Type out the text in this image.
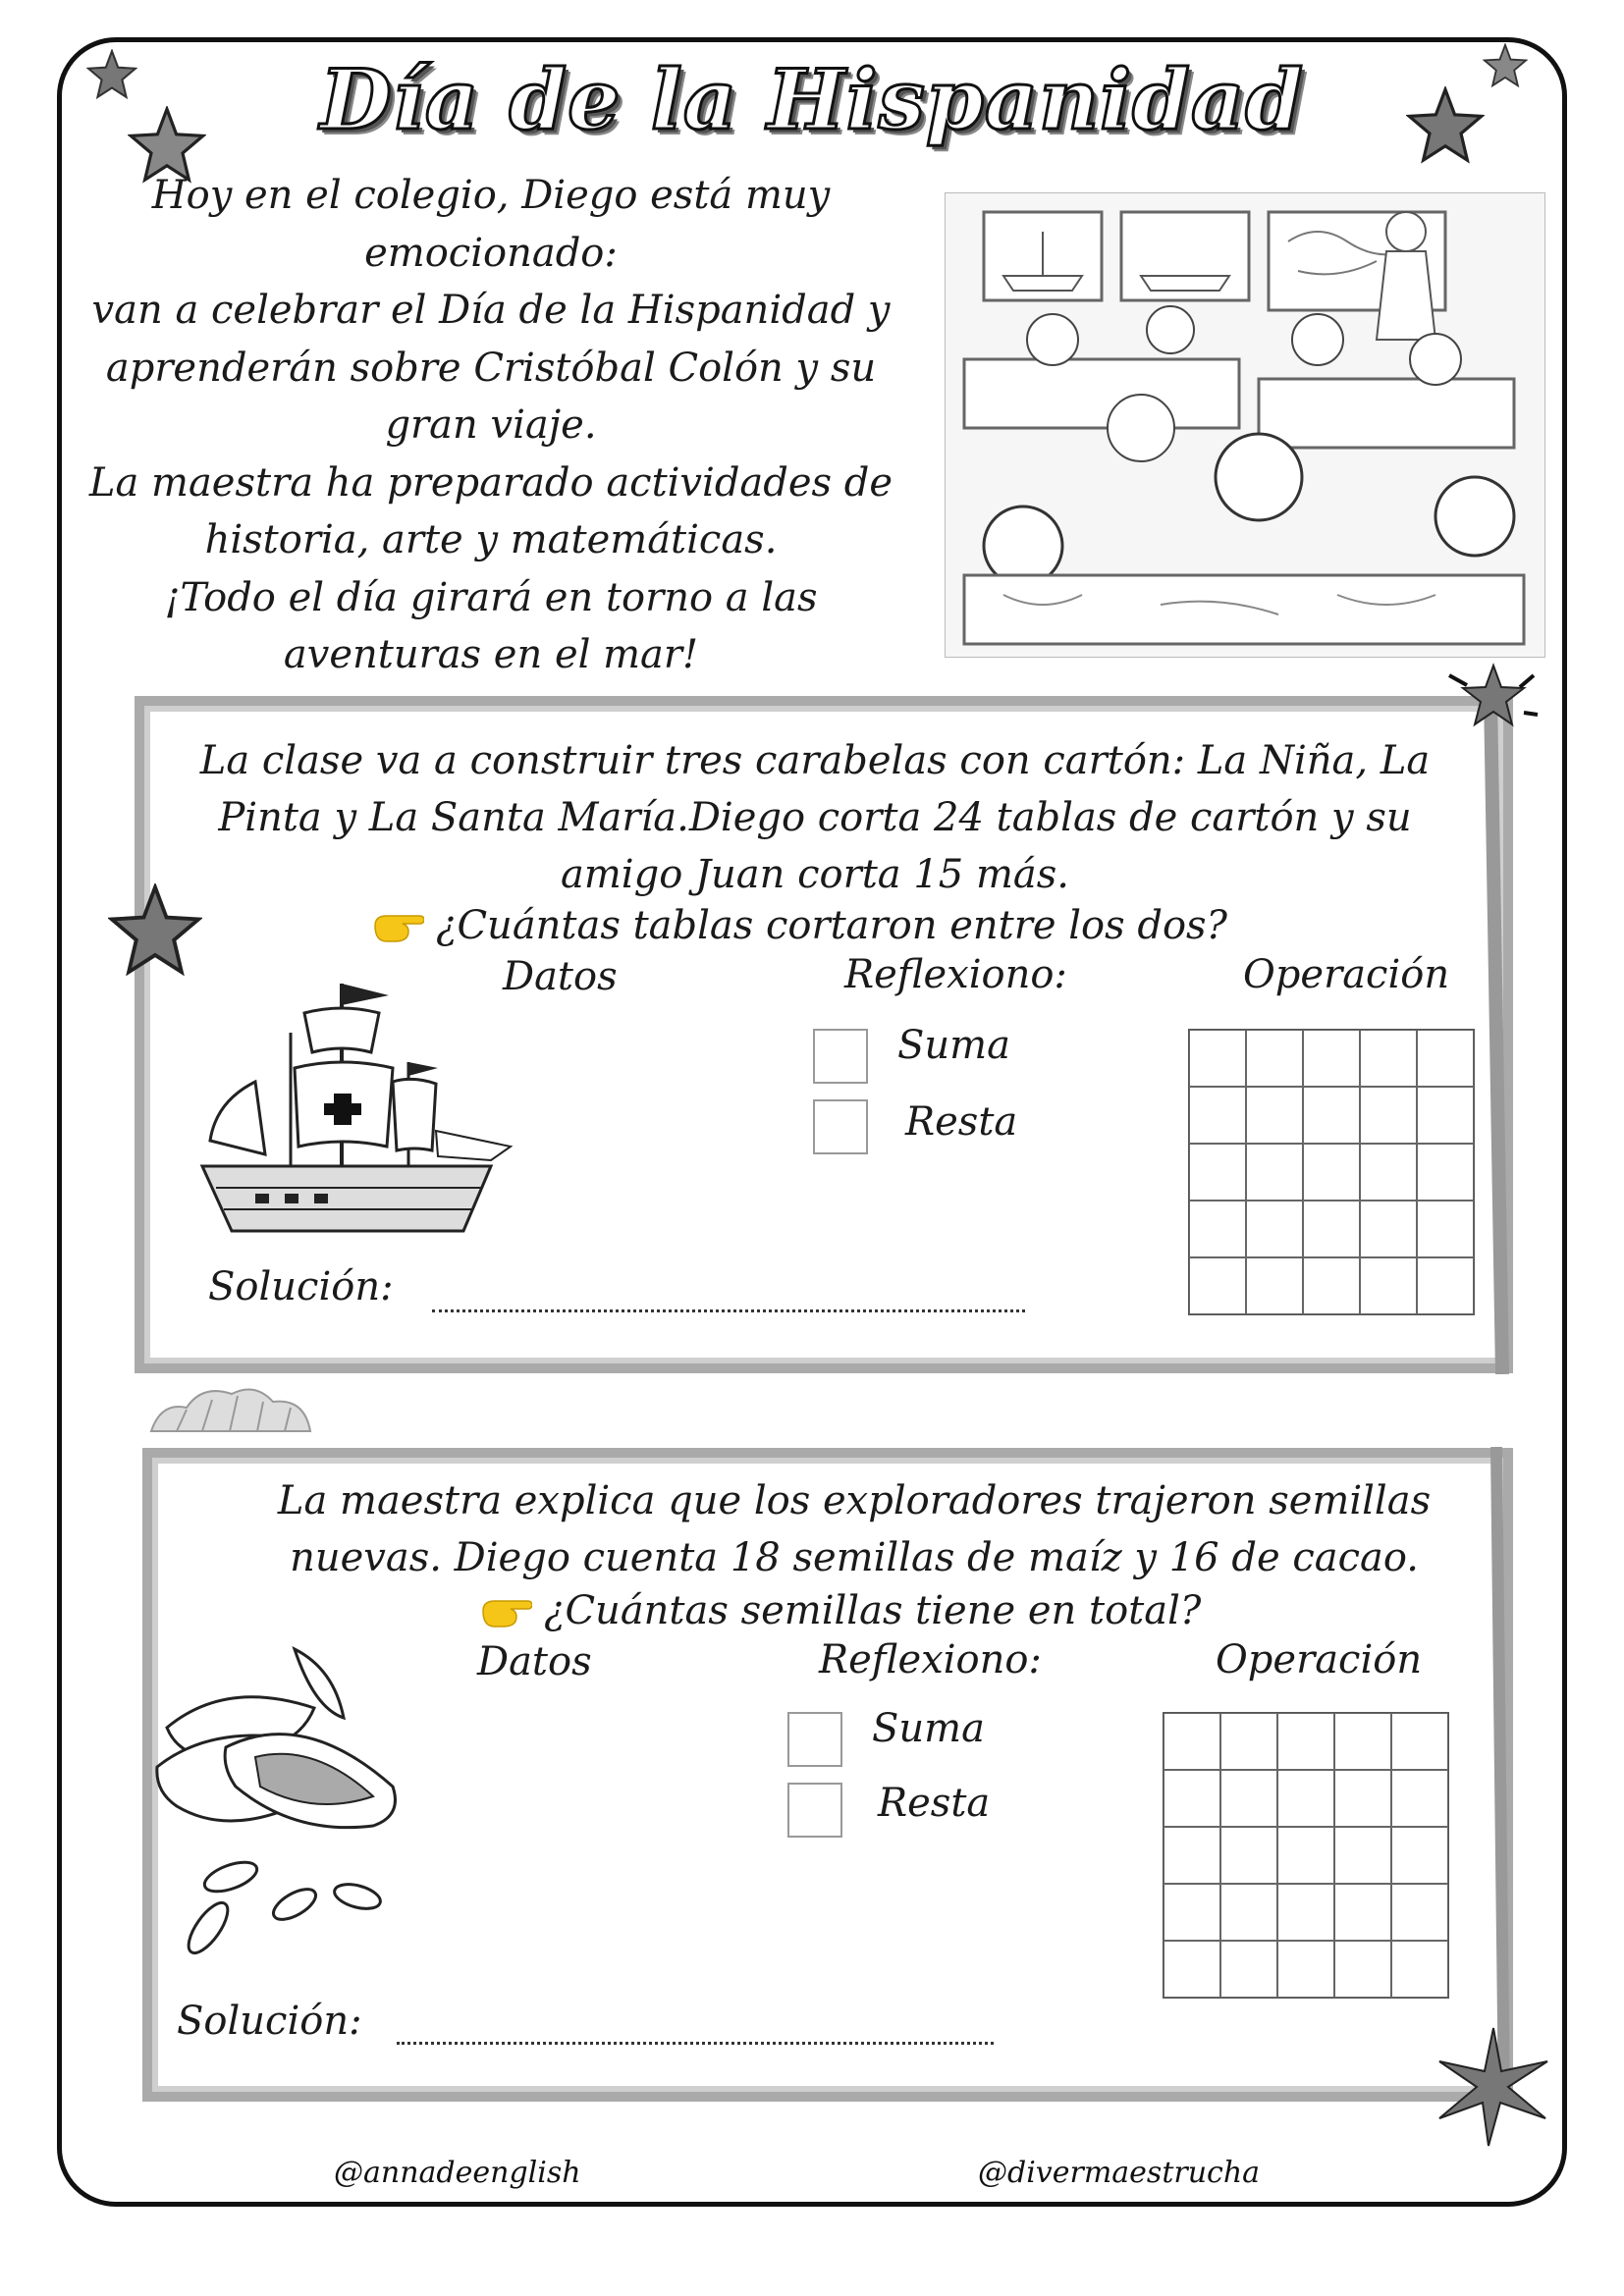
Día de la Hispanidad
Hoy en el colegio, Diego está muy
emocionado:
van a celebrar el Día de la Hispanidad y
aprenderán sobre Cristóbal Colón y su
gran viaje.
La maestra ha preparado actividades de
historia, arte y matemáticas.
¡Todo el día girará en torno a las
aventuras en el mar!
La clase va a construir tres carabelas con cartón: La Niña, La
Pinta y La Santa María.Diego corta 24 tablas de cartón y su
amigo Juan corta 15 más.
¿Cuántas tablas cortaron entre los dos?
Datos	Reflexiono:	Operación
Suma
Resta
Solución:
La maestra explica que los exploradores trajeron semillas
nuevas. Diego cuenta 18 semillas de maíz y 16 de cacao.
¿Cuántas semillas tiene en total?
Datos	Reflexiono:	Operación
Suma
Resta
Solución:
@annadeenglish	@divermaestrucha
